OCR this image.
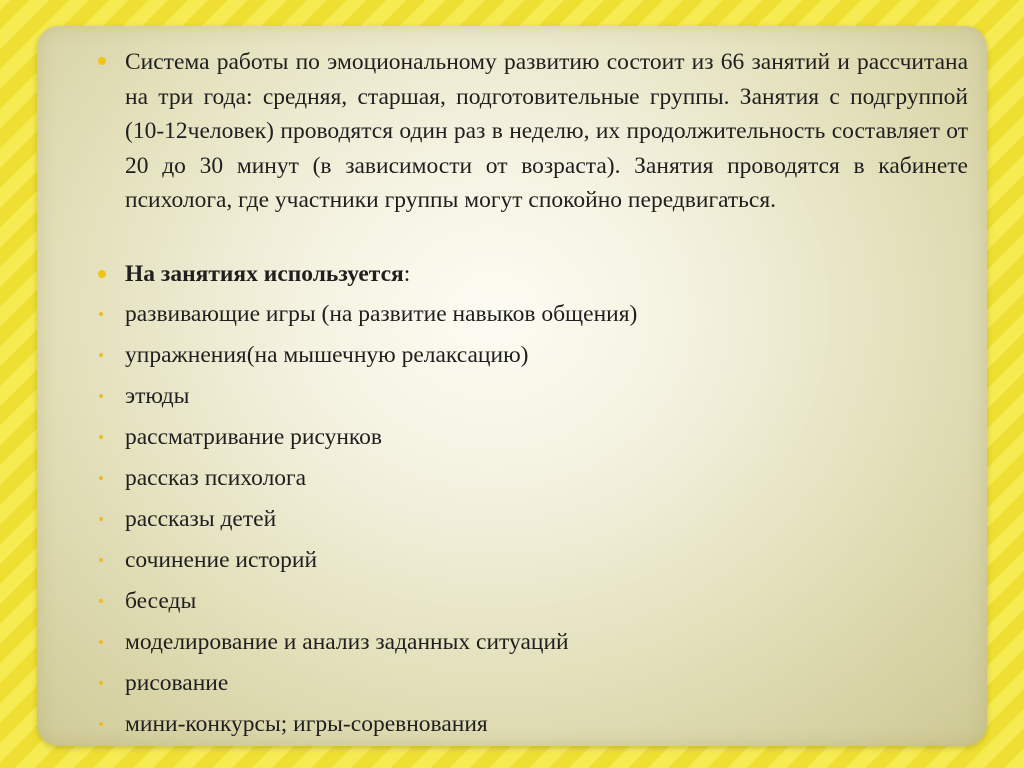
Система работы по эмоциональному развитию состоит из 66 занятий и рассчитана на три года: средняя, старшая, подготовительные группы. Занятия с подгруппой (10-12человек) проводятся один раз в неделю, их продолжительность составляет от 20 до 30 минут (в зависимости от возраста). Занятия проводятся в кабинете психолога, где участники группы могут спокойно передвигаться.
На занятиях используется:
развивающие игры (на развитие навыков общения)
упражнения(на мышечную релаксацию)
этюды
рассматривание рисунков
рассказ психолога
рассказы детей
сочинение историй
беседы
моделирование и анализ заданных ситуаций
рисование
мини-конкурсы; игры-соревнования
